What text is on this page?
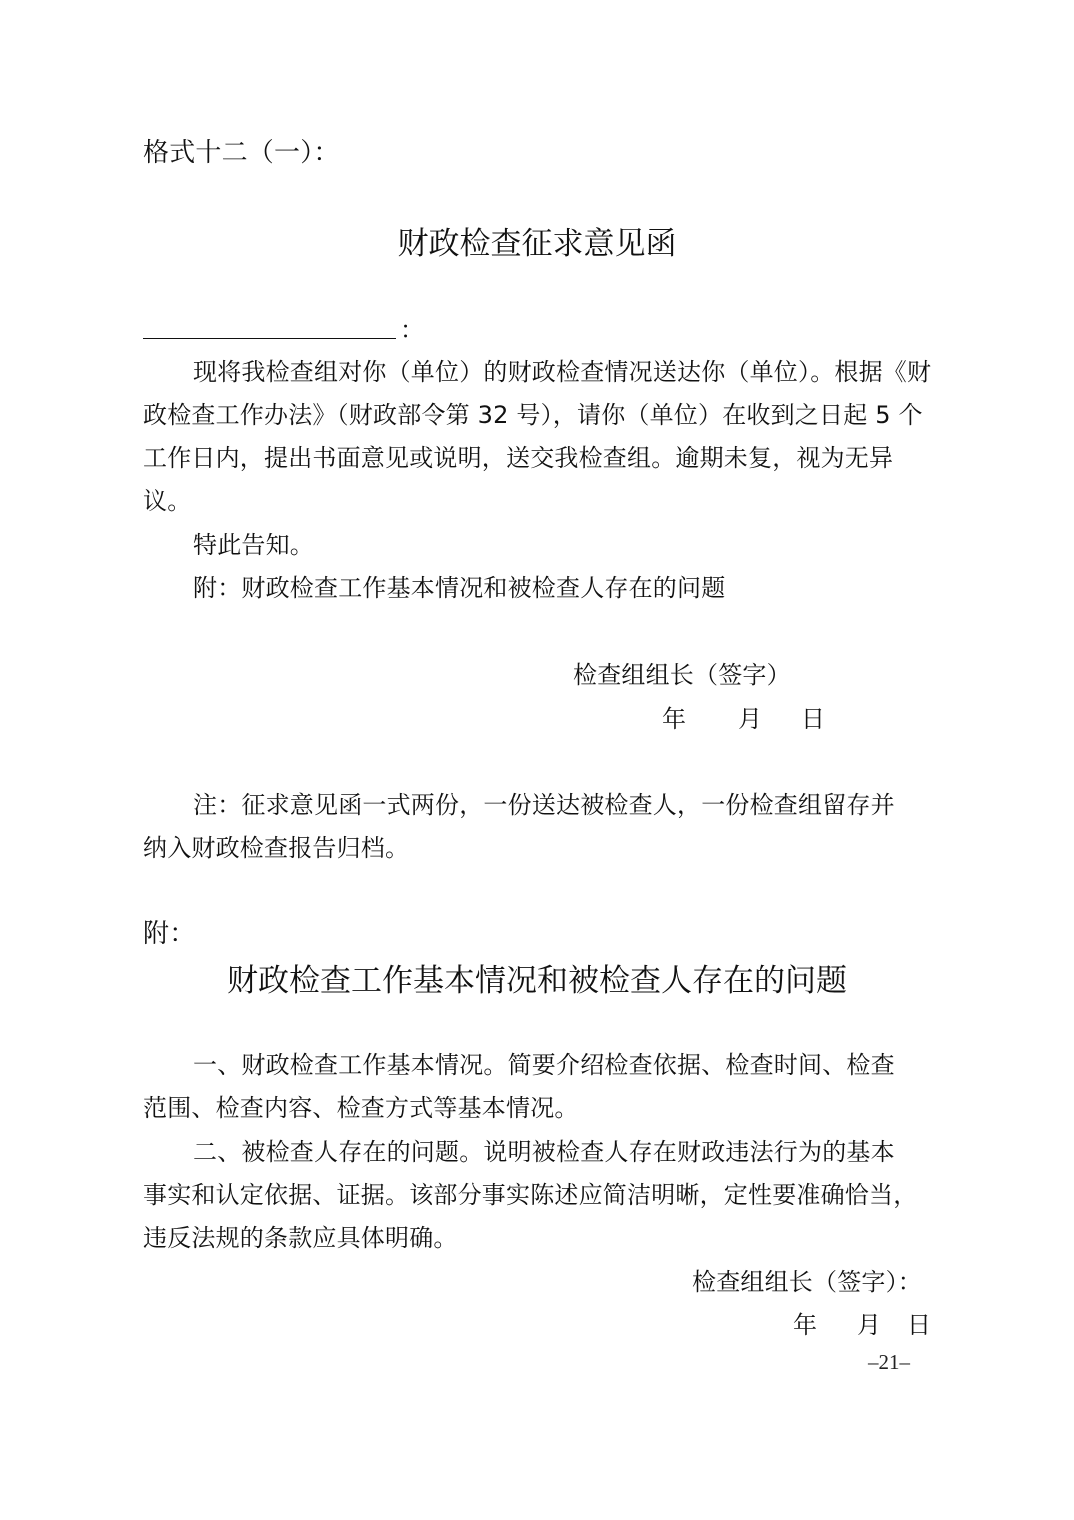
格式十二（一）：
财政检查征求意见函
：
现将我检查组对你（单位）的财政检查情况送达你（单位）。根据《财
政检查工作办法》（财政部令第 32 号），请你（单位）在收到之日起 5 个
工作日内，提出书面意见或说明，送交我检查组。逾期未复，视为无异
议。
特此告知。
附：财政检查工作基本情况和被检查人存在的问题
检查组组长（签字）
年 月 日
注：征求意见函一式两份，一份送达被检查人，一份检查组留存并
纳入财政检查报告归档。
附：
财政检查工作基本情况和被检查人存在的问题
一、财政检查工作基本情况。简要介绍检查依据、检查时间、检查
范围、检查内容、检查方式等基本情况。
二、被检查人存在的问题。说明被检查人存在财政违法行为的基本
事实和认定依据、证据。该部分事实陈述应简洁明晰，定性要准确恰当，
违反法规的条款应具体明确。
检查组组长（签字）：
年 月 日
–21–
